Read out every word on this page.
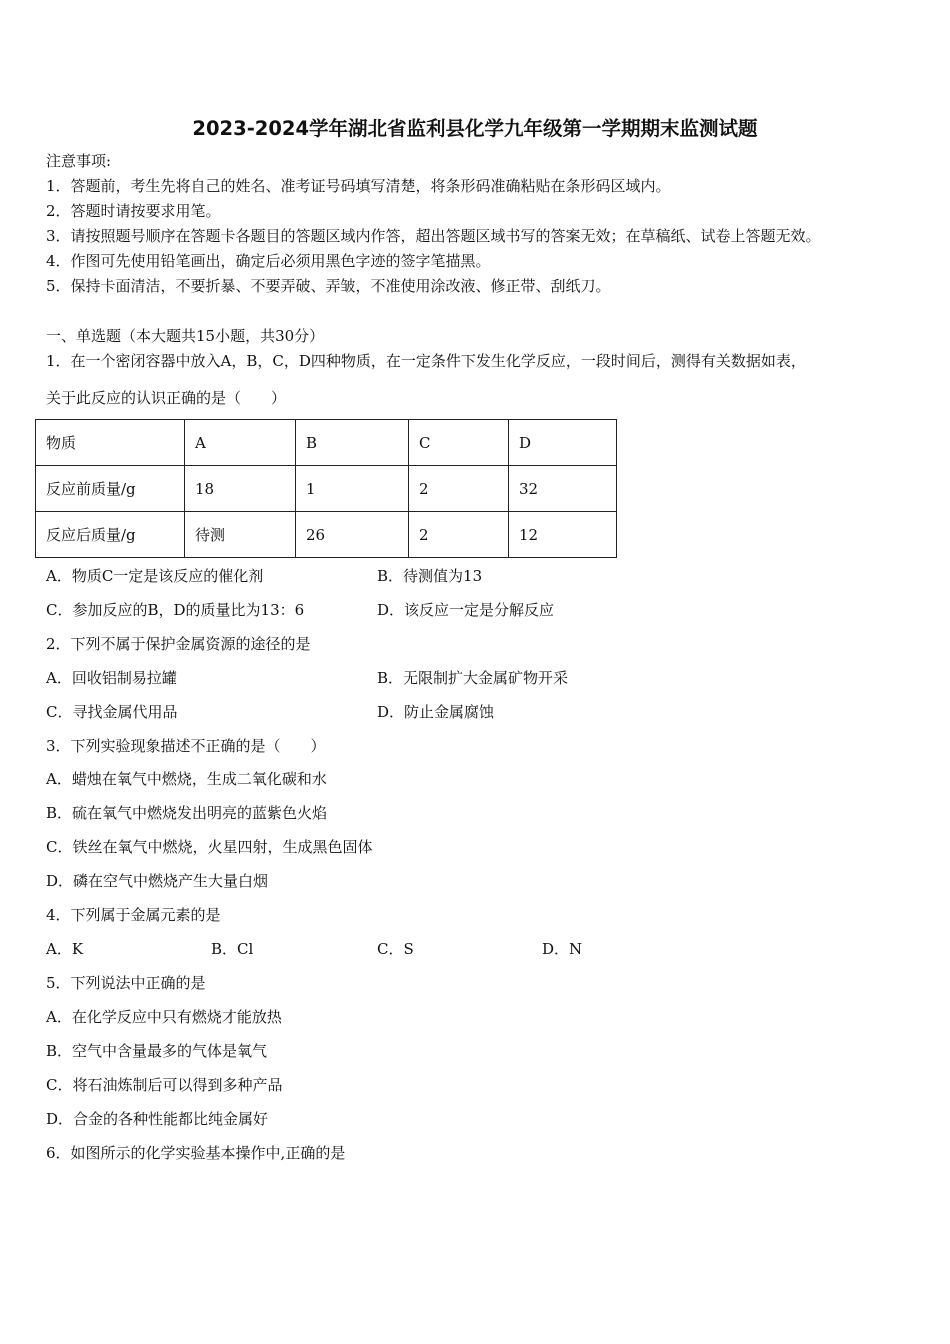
2023-2024学年湖北省监利县化学九年级第一学期期末监测试题
注意事项:
1．答题前，考生先将自己的姓名、准考证号码填写清楚，将条形码准确粘贴在条形码区域内。
2．答题时请按要求用笔。
3．请按照题号顺序在答题卡各题目的答题区域内作答，超出答题区域书写的答案无效；在草稿纸、试卷上答题无效。
4．作图可先使用铅笔画出，确定后必须用黑色字迹的签字笔描黑。
5．保持卡面清洁，不要折暴、不要弄破、弄皱，不准使用涂改液、修正带、刮纸刀。
一、单选题（本大题共15小题，共30分）
1．在一个密闭容器中放入A，B，C，D四种物质，在一定条件下发生化学反应，一段时间后，测得有关数据如表，
关于此反应的认识正确的是（　　）
物质	A	B	C	D
反应前质量/g	18	1	2	32
反应后质量/g	待测	26	2	12
A．物质C一定是该反应的催化剂	B．待测值为13
C．参加反应的B，D的质量比为13：6	D．该反应一定是分解反应
2．下列不属于保护金属资源的途径的是
A．回收铝制易拉罐	B．无限制扩大金属矿物开采
C．寻找金属代用品	D．防止金属腐蚀
3．下列实验现象描述不正确的是（　　）
A．蜡烛在氧气中燃烧，生成二氧化碳和水
B．硫在氧气中燃烧发出明亮的蓝紫色火焰
C．铁丝在氧气中燃烧，火星四射，生成黑色固体
D．磷在空气中燃烧产生大量白烟
4．下列属于金属元素的是
A．K	B．Cl	C．S	D．N
5．下列说法中正确的是
A．在化学反应中只有燃烧才能放热
B．空气中含量最多的气体是氧气
C．将石油炼制后可以得到多种产品
D．合金的各种性能都比纯金属好
6．如图所示的化学实验基本操作中,正确的是
